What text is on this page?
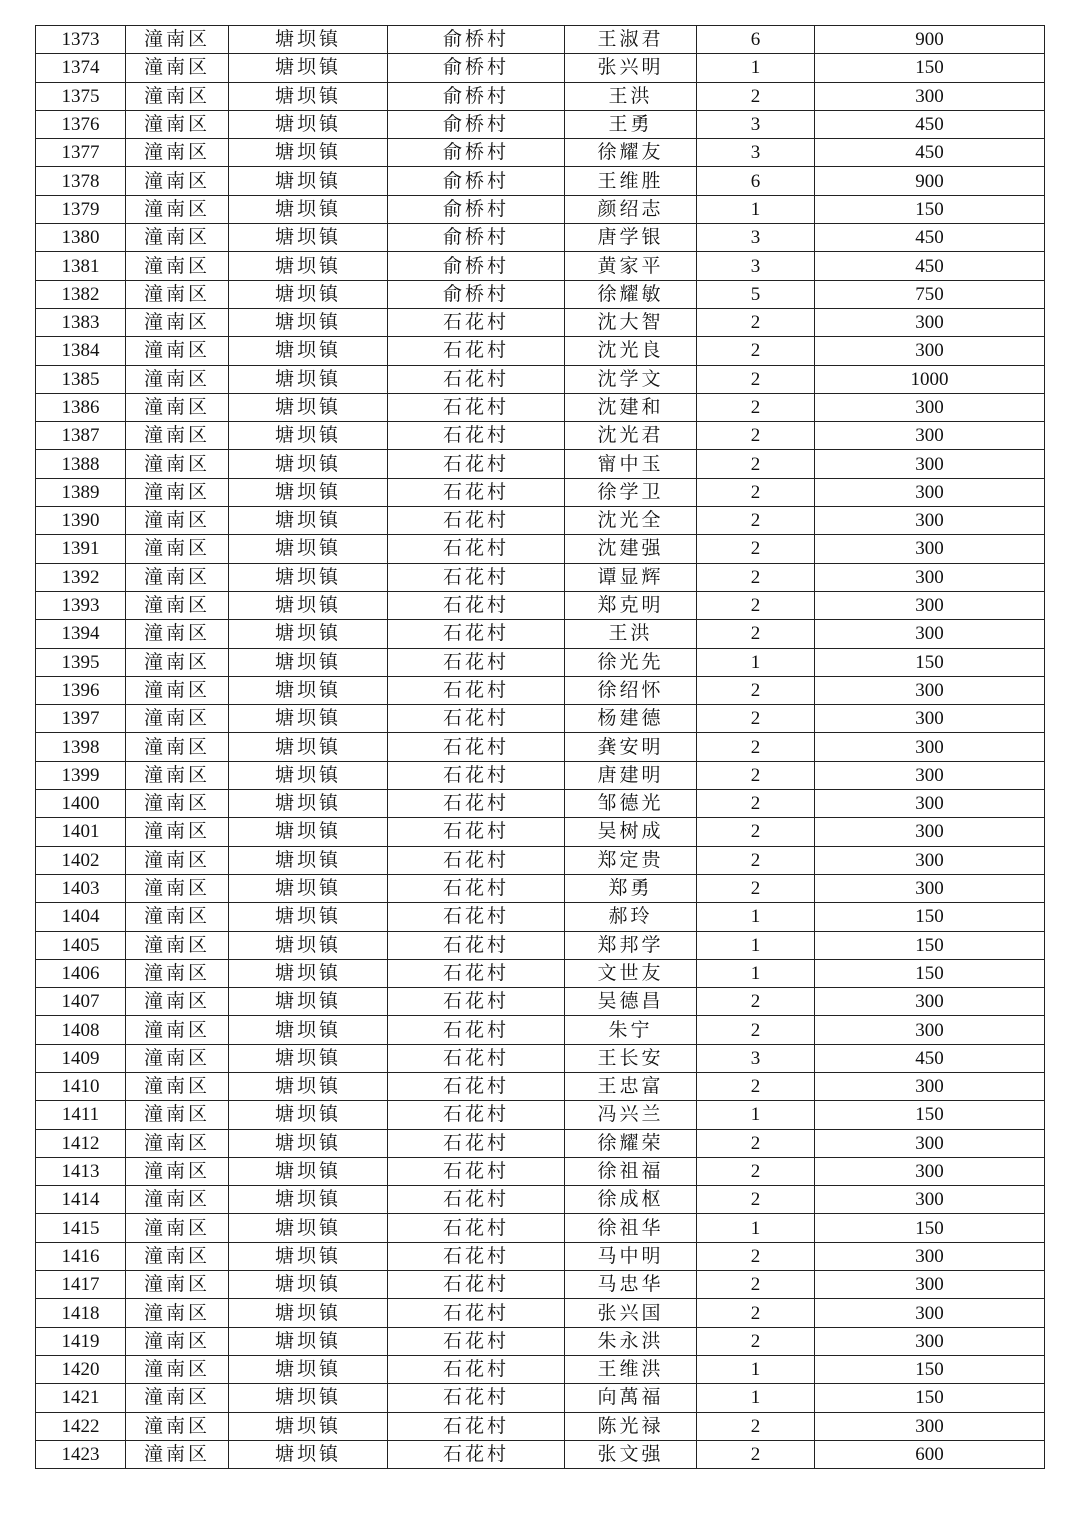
1373	潼南区	塘坝镇	俞桥村	王淑君	6	900
1374	潼南区	塘坝镇	俞桥村	张兴明	1	150
1375	潼南区	塘坝镇	俞桥村	王洪	2	300
1376	潼南区	塘坝镇	俞桥村	王勇	3	450
1377	潼南区	塘坝镇	俞桥村	徐耀友	3	450
1378	潼南区	塘坝镇	俞桥村	王维胜	6	900
1379	潼南区	塘坝镇	俞桥村	颜绍志	1	150
1380	潼南区	塘坝镇	俞桥村	唐学银	3	450
1381	潼南区	塘坝镇	俞桥村	黄家平	3	450
1382	潼南区	塘坝镇	俞桥村	徐耀敏	5	750
1383	潼南区	塘坝镇	石花村	沈大智	2	300
1384	潼南区	塘坝镇	石花村	沈光良	2	300
1385	潼南区	塘坝镇	石花村	沈学文	2	1000
1386	潼南区	塘坝镇	石花村	沈建和	2	300
1387	潼南区	塘坝镇	石花村	沈光君	2	300
1388	潼南区	塘坝镇	石花村	甯中玉	2	300
1389	潼南区	塘坝镇	石花村	徐学卫	2	300
1390	潼南区	塘坝镇	石花村	沈光全	2	300
1391	潼南区	塘坝镇	石花村	沈建强	2	300
1392	潼南区	塘坝镇	石花村	谭显辉	2	300
1393	潼南区	塘坝镇	石花村	郑克明	2	300
1394	潼南区	塘坝镇	石花村	王洪	2	300
1395	潼南区	塘坝镇	石花村	徐光先	1	150
1396	潼南区	塘坝镇	石花村	徐绍怀	2	300
1397	潼南区	塘坝镇	石花村	杨建德	2	300
1398	潼南区	塘坝镇	石花村	龚安明	2	300
1399	潼南区	塘坝镇	石花村	唐建明	2	300
1400	潼南区	塘坝镇	石花村	邹德光	2	300
1401	潼南区	塘坝镇	石花村	吴树成	2	300
1402	潼南区	塘坝镇	石花村	郑定贵	2	300
1403	潼南区	塘坝镇	石花村	郑勇	2	300
1404	潼南区	塘坝镇	石花村	郝玲	1	150
1405	潼南区	塘坝镇	石花村	郑邦学	1	150
1406	潼南区	塘坝镇	石花村	文世友	1	150
1407	潼南区	塘坝镇	石花村	吴德昌	2	300
1408	潼南区	塘坝镇	石花村	朱宁	2	300
1409	潼南区	塘坝镇	石花村	王长安	3	450
1410	潼南区	塘坝镇	石花村	王忠富	2	300
1411	潼南区	塘坝镇	石花村	冯兴兰	1	150
1412	潼南区	塘坝镇	石花村	徐耀荣	2	300
1413	潼南区	塘坝镇	石花村	徐祖福	2	300
1414	潼南区	塘坝镇	石花村	徐成枢	2	300
1415	潼南区	塘坝镇	石花村	徐祖华	1	150
1416	潼南区	塘坝镇	石花村	马中明	2	300
1417	潼南区	塘坝镇	石花村	马忠华	2	300
1418	潼南区	塘坝镇	石花村	张兴国	2	300
1419	潼南区	塘坝镇	石花村	朱永洪	2	300
1420	潼南区	塘坝镇	石花村	王维洪	1	150
1421	潼南区	塘坝镇	石花村	向萬福	1	150
1422	潼南区	塘坝镇	石花村	陈光禄	2	300
1423	潼南区	塘坝镇	石花村	张文强	2	600
